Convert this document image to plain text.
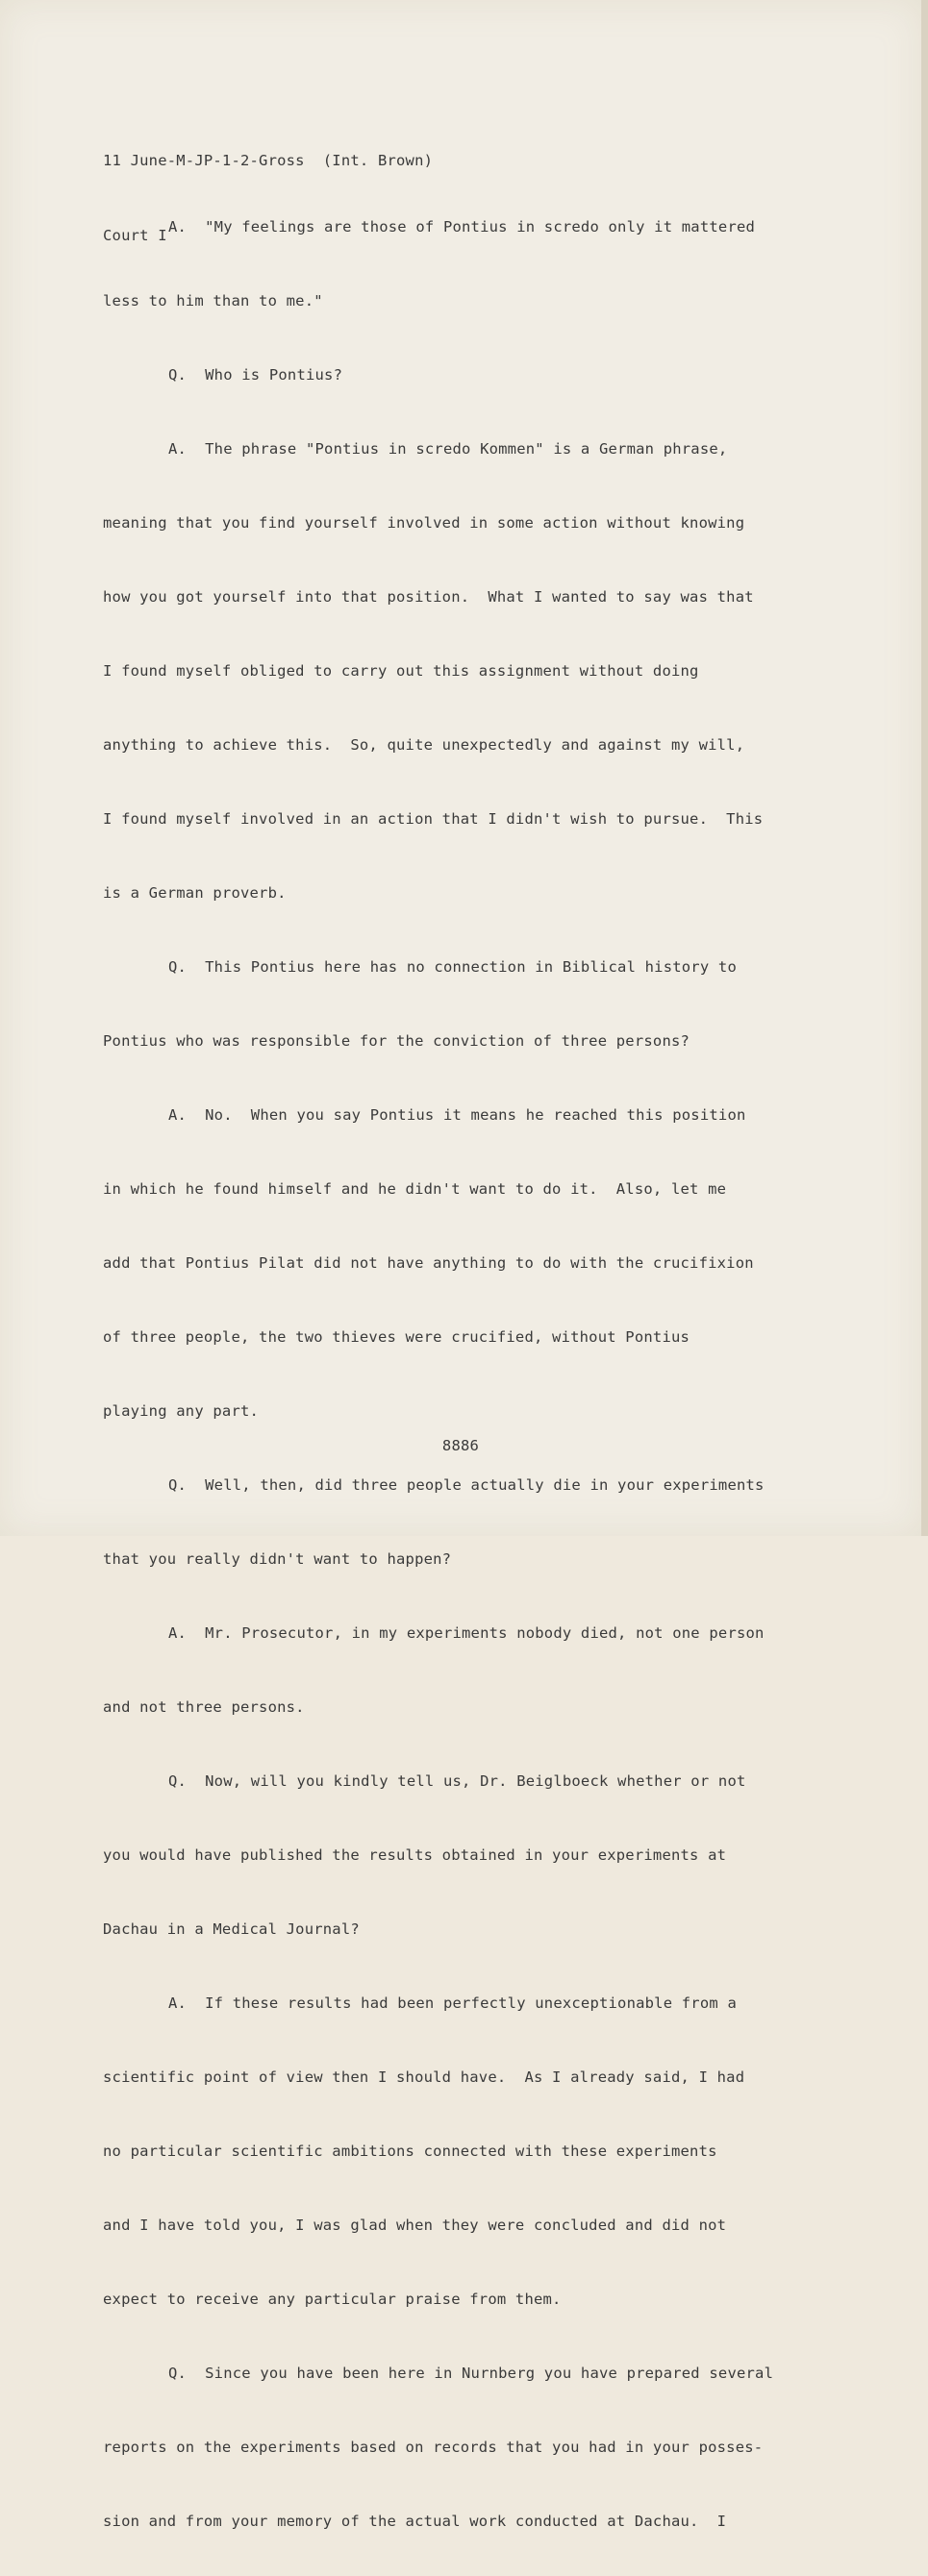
11 June-M-JP-1-2-Gross  (Int. Brown)

Court I

A.  "My feelings are those of Pontius in scredo only it mattered

less to him than to me."

Q.  Who is Pontius?

A.  The phrase "Pontius in scredo Kommen" is a German phrase,

meaning that you find yourself involved in some action without knowing

how you got yourself into that position.  What I wanted to say was that

I found myself obliged to carry out this assignment without doing

anything to achieve this.  So, quite unexpectedly and against my will,

I found myself involved in an action that I didn't wish to pursue.  This

is a German proverb.

Q.  This Pontius here has no connection in Biblical history to

Pontius who was responsible for the conviction of three persons?

A.  No.  When you say Pontius it means he reached this position

in which he found himself and he didn't want to do it.  Also, let me

add that Pontius Pilat did not have anything to do with the crucifixion

of three people, the two thieves were crucified, without Pontius

playing any part.

Q.  Well, then, did three people actually die in your experiments

that you really didn't want to happen?

A.  Mr. Prosecutor, in my experiments nobody died, not one person

and not three persons.

Q.  Now, will you kindly tell us, Dr. Beiglboeck whether or not

you would have published the results obtained in your experiments at

Dachau in a Medical Journal?

A.  If these results had been perfectly unexceptionable from a

scientific point of view then I should have.  As I already said, I had

no particular scientific ambitions connected with these experiments

and I have told you, I was glad when they were concluded and did not

expect to receive any particular praise from them.

Q.  Since you have been here in Nurnberg you have prepared several

reports on the experiments based on records that you had in your posses-

sion and from your memory of the actual work conducted at Dachau.  I

8886
